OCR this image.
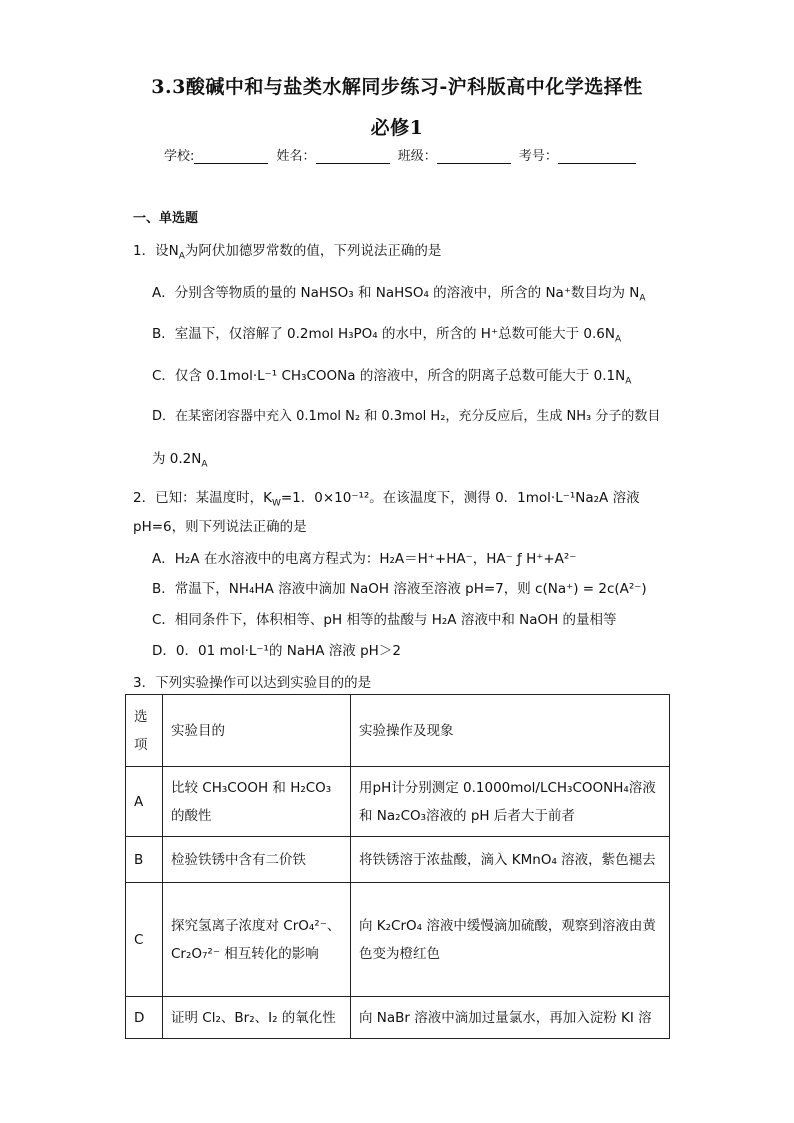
3.3酸碱中和与盐类水解同步练习-沪科版高中化学选择性
必修1
学校:	姓名：	班级：	考号：
一、单选题
1．设$N_A$为阿伏加德罗常数的值，下列说法正确的是
A．分别含等物质的量的 NaHSO₃ 和 NaHSO₄ 的溶液中，所含的 Na⁺数目均为 $N_A$
B．室温下，仅溶解了 0.2mol H₃PO₄ 的水中，所含的 H⁺总数可能大于 $0.6N_A$
C．仅含 0.1mol·L⁻¹ CH₃COONa 的溶液中，所含的阴离子总数可能大于 $0.1N_A$
D．在某密闭容器中充入 0.1mol N₂ 和 0.3mol H₂，充分反应后，生成 NH₃ 分子的数目
为 $0.2N_A$
2．已知：某温度时，$K_W=1$．0×10⁻¹²。在该温度下，测得 0．1mol·L⁻¹Na₂A 溶液
pH=6，则下列说法正确的是
A．H₂A 在水溶液中的电离方程式为：H₂A＝H⁺+HA⁻，HA⁻ ƒ H⁺+A²⁻
B．常温下，NH₄HA 溶液中滴加 NaOH 溶液至溶液 pH=7，则 c(Na⁺) = 2c(A²⁻)
C．相同条件下，体积相等、pH 相等的盐酸与 H₂A 溶液中和 NaOH 的量相等
D．0．01 mol·L⁻¹的 NaHA 溶液 pH＞2
3．下列实验操作可以达到实验目的的是
选项	实验目的	实验操作及现象
A	比较 CH₃COOH 和 H₂CO₃ 的酸性	用pH计分别测定 0.1000mol/LCH₃COONH₄溶液和 Na₂CO₃溶液的 pH 后者大于前者
B	检验铁锈中含有二价铁	将铁锈溶于浓盐酸，滴入 KMnO₄ 溶液，紫色褪去
C	探究氢离子浓度对 CrO₄²⁻、Cr₂O₇²⁻ 相互转化的影响	向 K₂CrO₄ 溶液中缓慢滴加硫酸，观察到溶液由黄色变为橙红色
D	证明 Cl₂、Br₂、I₂ 的氧化性	向 NaBr 溶液中滴加过量氯水，再加入淀粉 KI 溶
